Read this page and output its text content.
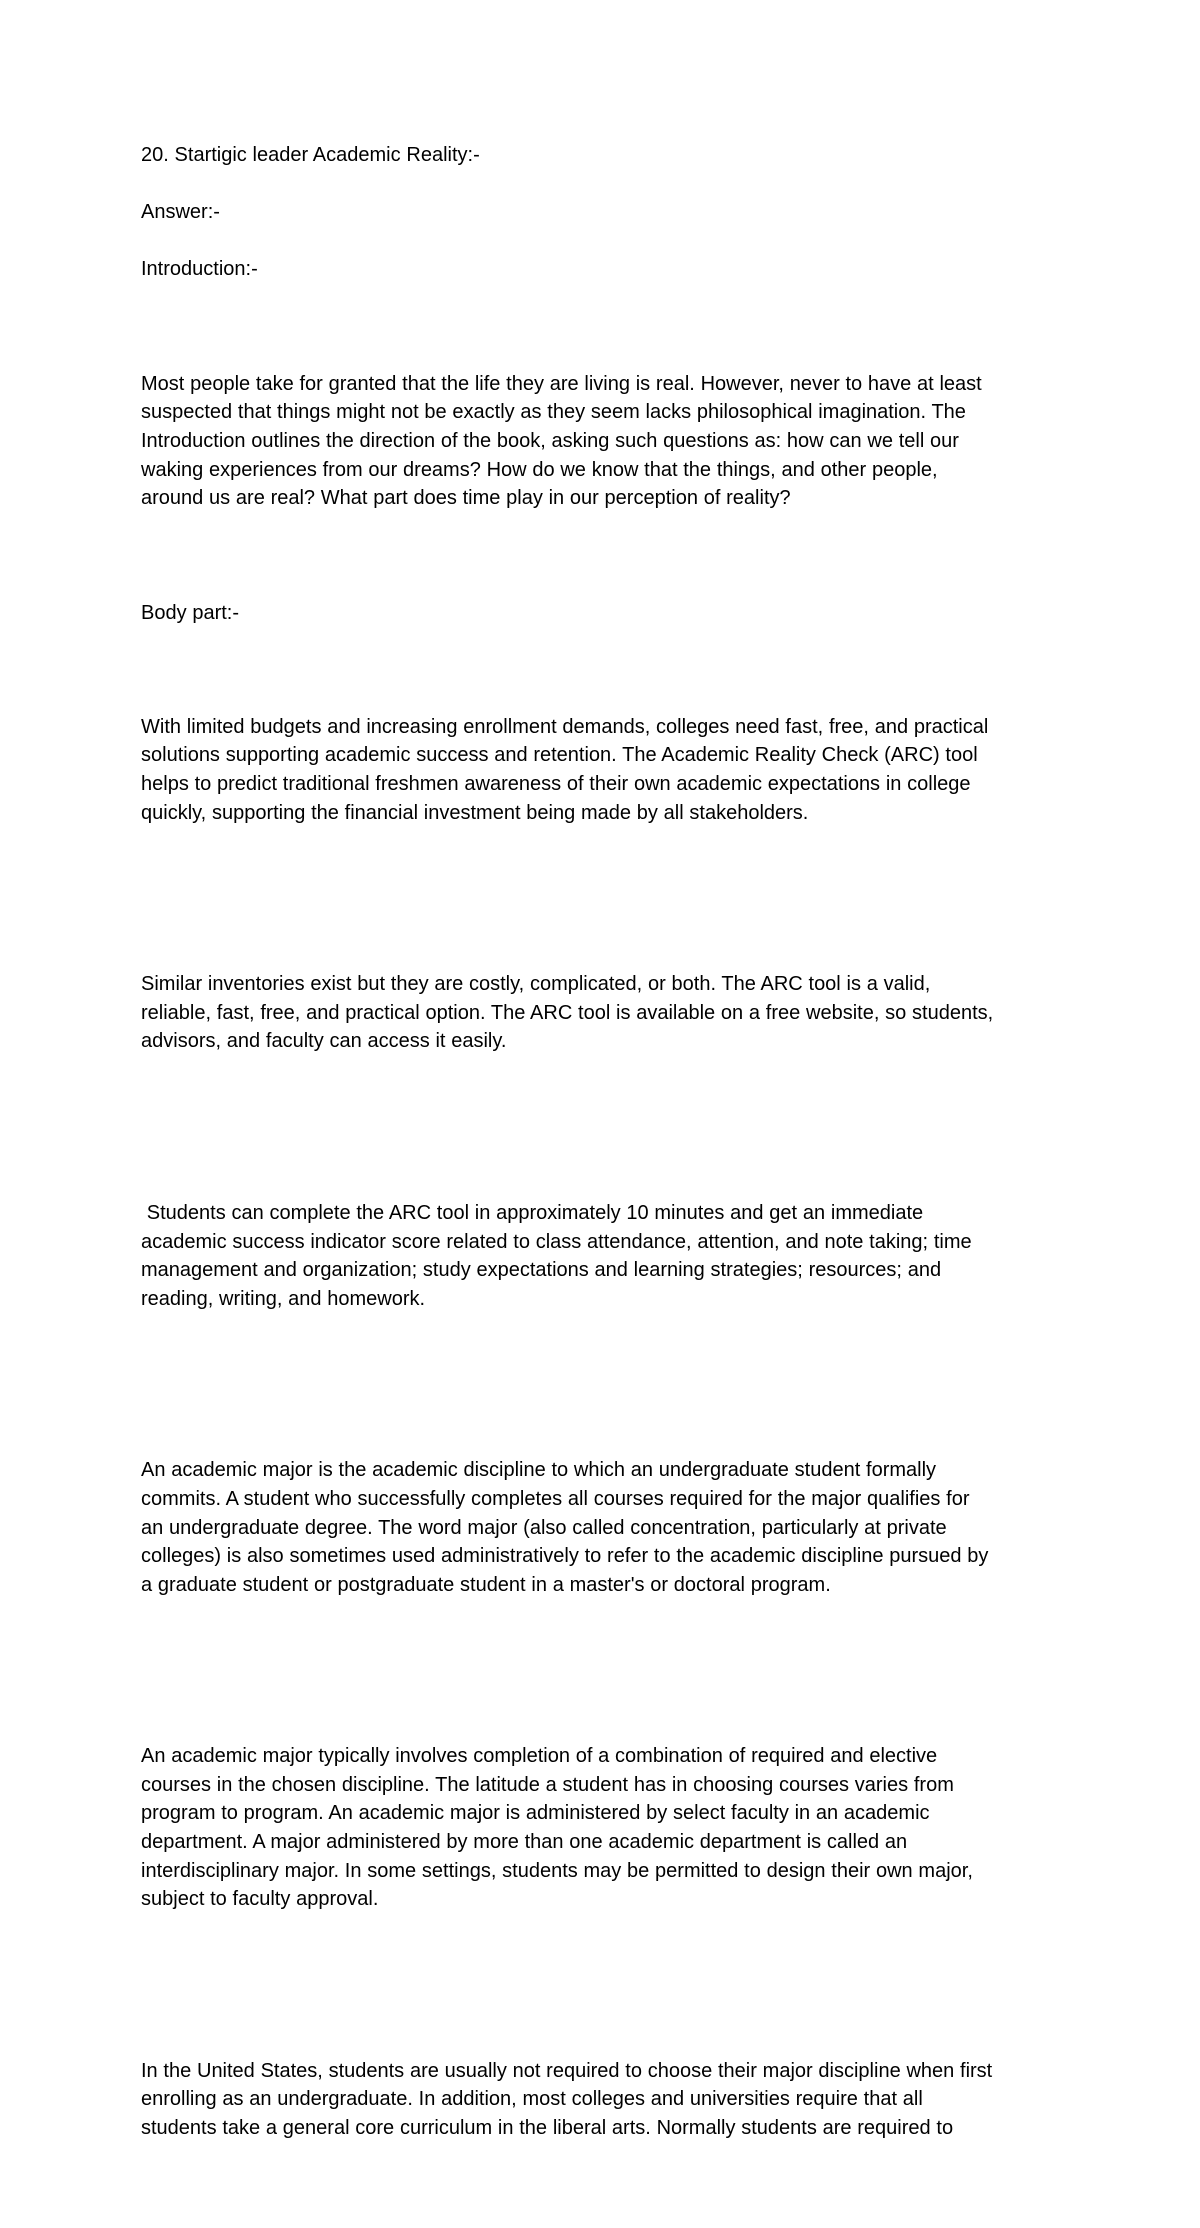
20. Startigic leader Academic Reality:-

Answer:-

Introduction:-

Most people take for granted that the life they are living is real. However, never to have at least
suspected that things might not be exactly as they seem lacks philosophical imagination. The
Introduction outlines the direction of the book, asking such questions as: how can we tell our
waking experiences from our dreams? How do we know that the things, and other people,
around us are real? What part does time play in our perception of reality?

Body part:-

With limited budgets and increasing enrollment demands, colleges need fast, free, and practical
solutions supporting academic success and retention. The Academic Reality Check (ARC) tool
helps to predict traditional freshmen awareness of their own academic expectations in college
quickly, supporting the financial investment being made by all stakeholders.

Similar inventories exist but they are costly, complicated, or both. The ARC tool is a valid,
reliable, fast, free, and practical option. The ARC tool is available on a free website, so students,
advisors, and faculty can access it easily.

Students can complete the ARC tool in approximately 10 minutes and get an immediate
academic success indicator score related to class attendance, attention, and note taking; time
management and organization; study expectations and learning strategies; resources; and
reading, writing, and homework.

An academic major is the academic discipline to which an undergraduate student formally
commits. A student who successfully completes all courses required for the major qualifies for
an undergraduate degree. The word major (also called concentration, particularly at private
colleges) is also sometimes used administratively to refer to the academic discipline pursued by
a graduate student or postgraduate student in a master's or doctoral program.

An academic major typically involves completion of a combination of required and elective
courses in the chosen discipline. The latitude a student has in choosing courses varies from
program to program. An academic major is administered by select faculty in an academic
department. A major administered by more than one academic department is called an
interdisciplinary major. In some settings, students may be permitted to design their own major,
subject to faculty approval.

In the United States, students are usually not required to choose their major discipline when first
enrolling as an undergraduate. In addition, most colleges and universities require that all
students take a general core curriculum in the liberal arts. Normally students are required to
